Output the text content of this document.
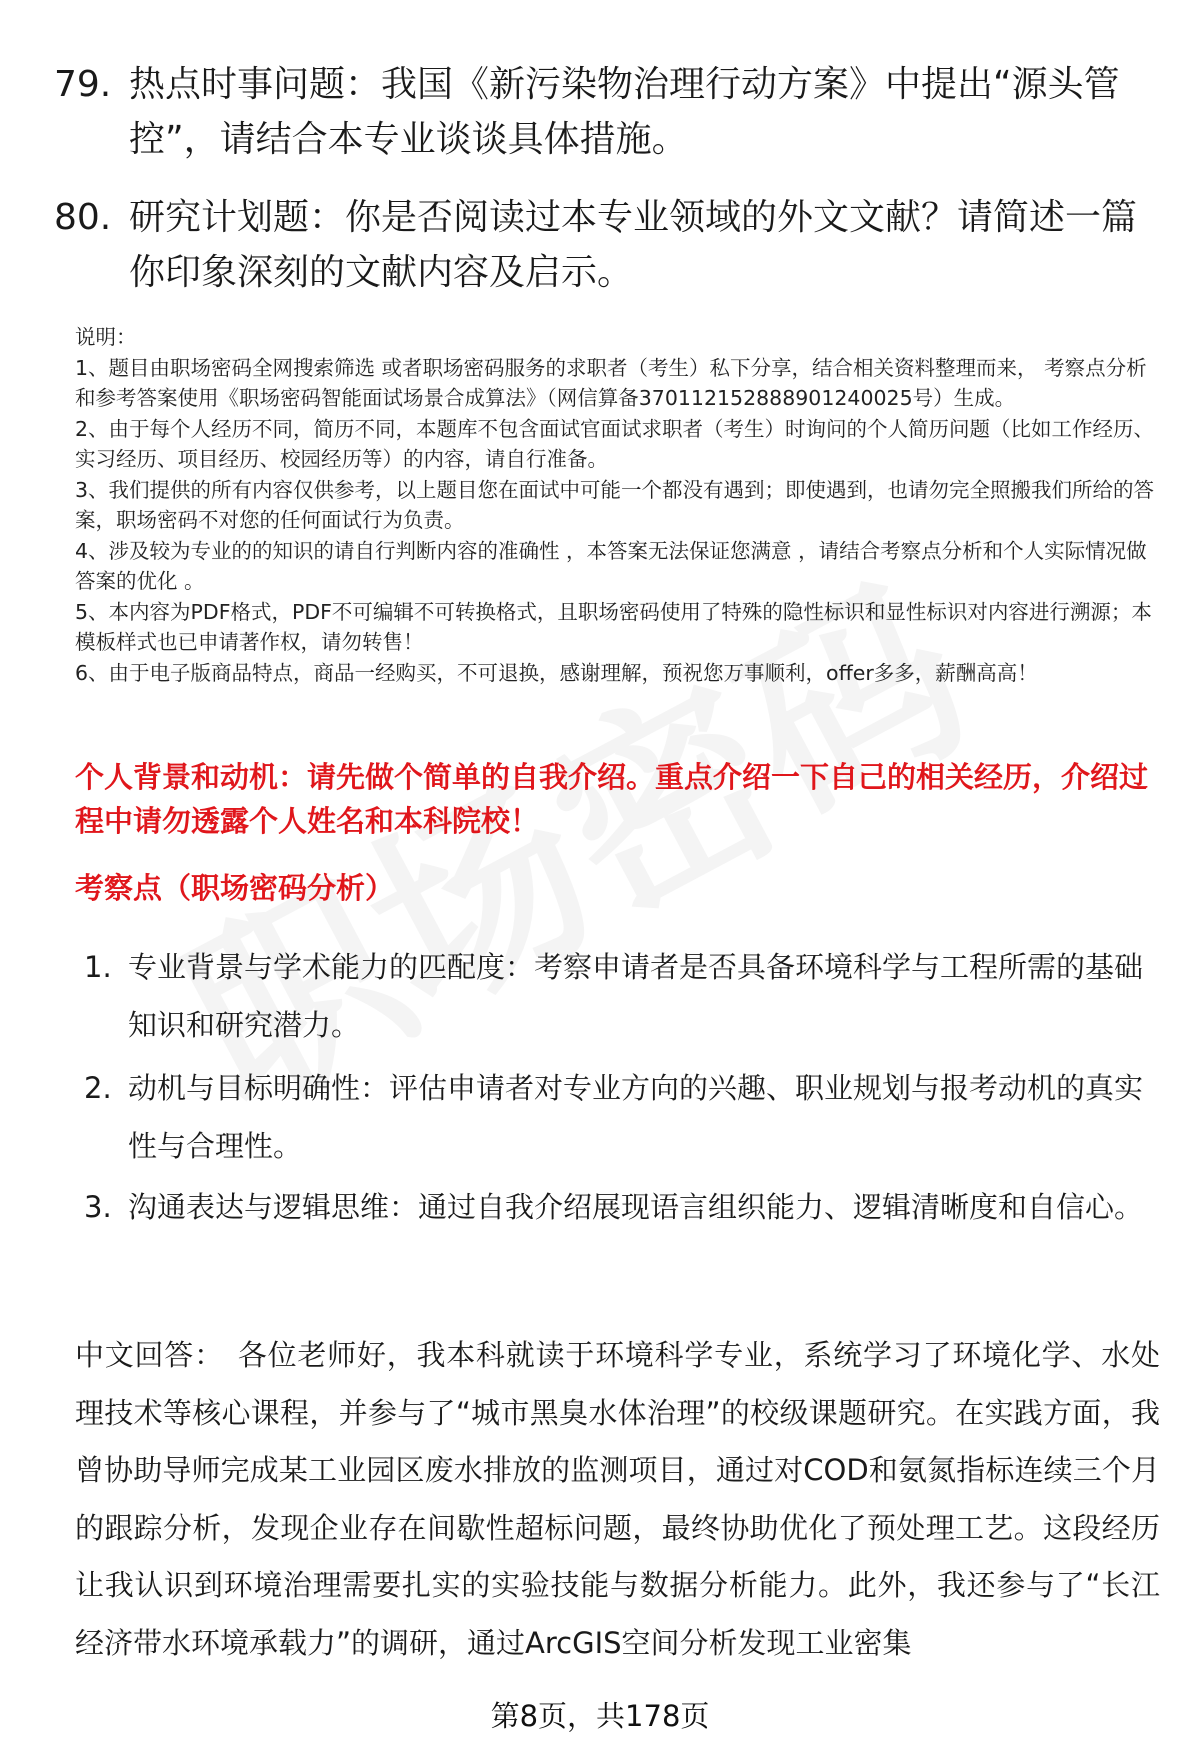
79. 热点时事问题：我国《新污染物治理行动方案》中提出“源头管控”，请结合本专业谈谈具体措施。
80. 研究计划题：你是否阅读过本专业领域的外文文献？请简述一篇你印象深刻的文献内容及启示。

说明：

1、题目由职场密码全网搜索筛选 或者职场密码服务的求职者（考生）私下分享，结合相关资料整理而来， 考察点分析和参考答案使用《职场密码智能面试场景合成算法》（网信算备370112152888901240025号）生成。

2、由于每个人经历不同，简历不同，本题库不包含面试官面试求职者（考生）时询问的个人简历问题（比如工作经历、实习经历、项目经历、校园经历等）的内容，请自行准备。

3、我们提供的所有内容仅供参考，以上题目您在面试中可能一个都没有遇到；即使遇到，也请勿完全照搬我们所给的答案，职场密码不对您的任何面试行为负责。

4、涉及较为专业的的知识的请自行判断内容的准确性 ，本答案无法保证您满意 ，请结合考察点分析和个人实际情况做答案的优化 。

5、本内容为PDF格式，PDF不可编辑不可转换格式，且职场密码使用了特殊的隐性标识和显性标识对内容进行溯源；本模板样式也已申请著作权，请勿转售！

6、由于电子版商品特点，商品一经购买，不可退换，感谢理解，预祝您万事顺利，offer多多，薪酬高高！

个人背景和动机：请先做个简单的自我介绍。重点介绍一下自己的相关经历，介绍过程中请勿透露个人姓名和本科院校！
考察点（职场密码分析）
1. 专业背景与学术能力的匹配度：考察申请者是否具备环境科学与工程所需的基础知识和研究潜力。
2. 动机与目标明确性：评估申请者对专业方向的兴趣、职业规划与报考动机的真实性与合理性。
3. 沟通表达与逻辑思维：通过自我介绍展现语言组织能力、逻辑清晰度和自信心。
中文回答： 各位老师好，我本科就读于环境科学专业，系统学习了环境化学、水处理技术等核心课程，并参与了“城市黑臭水体治理”的校级课题研究。在实践方面，我曾协助导师完成某工业园区废水排放的监测项目，通过对COD和氨氮指标连续三个月的跟踪分析，发现企业存在间歇性超标问题，最终协助优化了预处理工艺。这段经历让我认识到环境治理需要扎实的实验技能与数据分析能力。此外，我还参与了“长江经济带水环境承载力”的调研，通过ArcGIS空间分析发现工业密集
第8页，共178页
